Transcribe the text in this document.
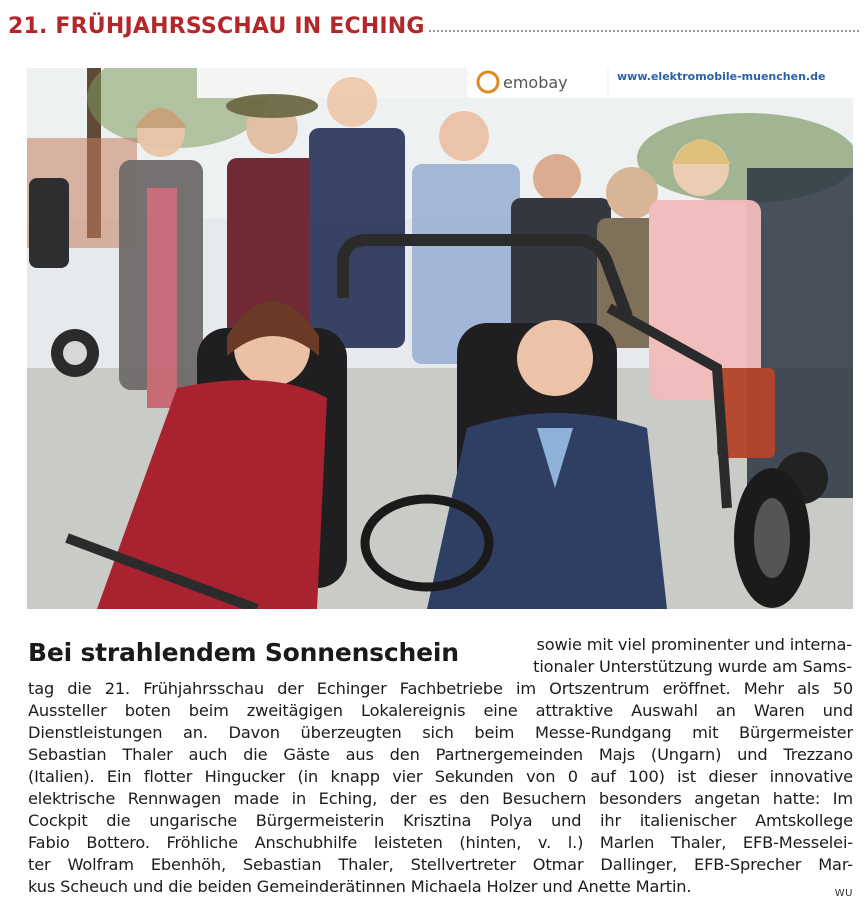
21. FRÜHJAHRSSCHAU IN ECHING
emobay	www.elektromobile-muenchen.de
Bei strahlendem Sonnenschein	sowie mit viel prominenter und interna-
tionaler Unterstützung wurde am Sams-
tag die 21. Frühjahrsschau der Echinger Fachbetriebe im Ortszentrum eröffnet. Mehr als 50
Aussteller boten beim zweitägigen Lokalereignis eine attraktive Auswahl an Waren und
Dienstleistungen an. Davon überzeugten sich beim Messe-Rundgang mit Bürgermeister
Sebastian Thaler auch die Gäste aus den Partnergemeinden Majs (Ungarn) und Trezzano
(Italien). Ein flotter Hingucker (in knapp vier Sekunden von 0 auf 100) ist dieser innovative
elektrische Rennwagen made in Eching, der es den Besuchern besonders angetan hatte: Im
Cockpit die ungarische Bürgermeisterin Krisztina Polya und ihr italienischer Amtskollege
Fabio Bottero. Fröhliche Anschubhilfe leisteten (hinten, v. l.) Marlen Thaler, EFB-Messelei-
ter Wolfram Ebenhöh, Sebastian Thaler, Stellvertreter Otmar Dallinger, EFB-Sprecher Mar-
kus Scheuch und die beiden Gemeinderätinnen Michaela Holzer und Anette Martin.	WU
